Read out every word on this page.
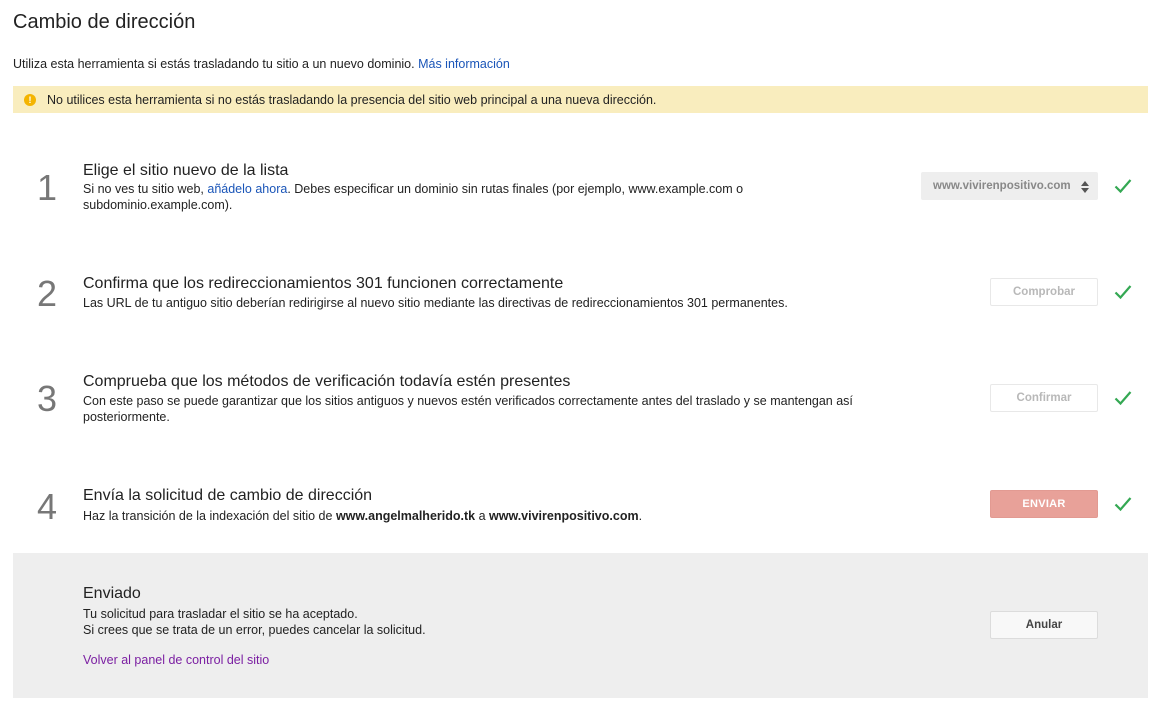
Cambio de dirección
Utiliza esta herramienta si estás trasladando tu sitio a un nuevo dominio. Más información
!	No utilices esta herramienta si no estás trasladando la presencia del sitio web principal a una nueva dirección.
1 Elige el sitio nuevo de la lista
Si no ves tu sitio web, añádelo ahora. Debes especificar un dominio sin rutas finales (por ejemplo, www.example.com o
subdominio.example.com).
www.vivirenpositivo.com
2 Confirma que los redireccionamientos 301 funcionen correctamente
Las URL de tu antiguo sitio deberían redirigirse al nuevo sitio mediante las directivas de redireccionamientos 301 permanentes.
Comprobar
3 Comprueba que los métodos de verificación todavía estén presentes
Con este paso se puede garantizar que los sitios antiguos y nuevos estén verificados correctamente antes del traslado y se mantengan así
posteriormente.
Confirmar
4 Envía la solicitud de cambio de dirección
Haz la transición de la indexación del sitio de www.angelmalherido.tk a www.vivirenpositivo.com.
ENVIAR
Enviado
Tu solicitud para trasladar el sitio se ha aceptado.
Si crees que se trata de un error, puedes cancelar la solicitud.
Volver al panel de control del sitio
Anular
